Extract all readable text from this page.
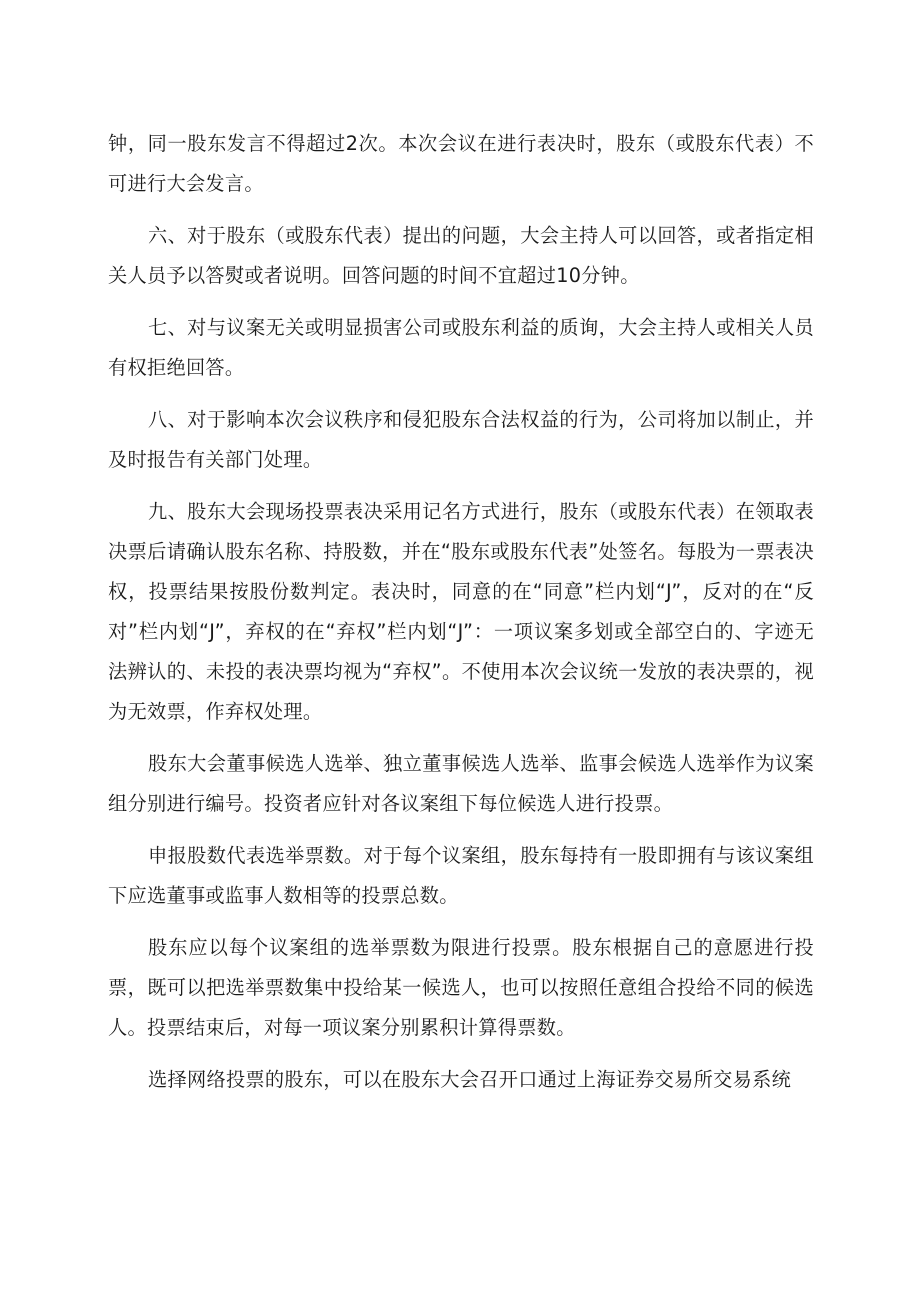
钟，同一股东发言不得超过2次。本次会议在进行表决时，股东（或股东代表）不可进行大会发言。

六、对于股东（或股东代表）提出的问题，大会主持人可以回答，或者指定相关人员予以答熨或者说明。回答问题的时间不宜超过10分钟。

七、对与议案无关或明显损害公司或股东利益的质询，大会主持人或相关人员有权拒绝回答。

八、对于影响本次会议秩序和侵犯股东合法权益的行为，公司将加以制止，并及时报告有关部门处理。

九、股东大会现场投票表决采用记名方式进行，股东（或股东代表）在领取表决票后请确认股东名称、持股数，并在“股东或股东代表”处签名。每股为一票表决权，投票结果按股份数判定。表决时，同意的在“同意”栏内划“J”，反对的在“反对”栏内划“J”，弃权的在“弃权”栏内划“J”：一项议案多划或全部空白的、字迹无法辨认的、未投的表决票均视为“弃权”。不使用本次会议统一发放的表决票的，视为无效票，作弃权处理。

股东大会董事候选人选举、独立董事候选人选举、监事会候选人选举作为议案组分别进行编号。投资者应针对各议案组下每位候选人进行投票。

申报股数代表选举票数。对于每个议案组，股东每持有一股即拥有与该议案组下应选董事或监事人数相等的投票总数。

股东应以每个议案组的选举票数为限进行投票。股东根据自己的意愿进行投票，既可以把选举票数集中投给某一候选人，也可以按照任意组合投给不同的候选人。投票结束后，对每一项议案分别累积计算得票数。

选择网络投票的股东，可以在股东大会召开口通过上海证券交易所交易系统
